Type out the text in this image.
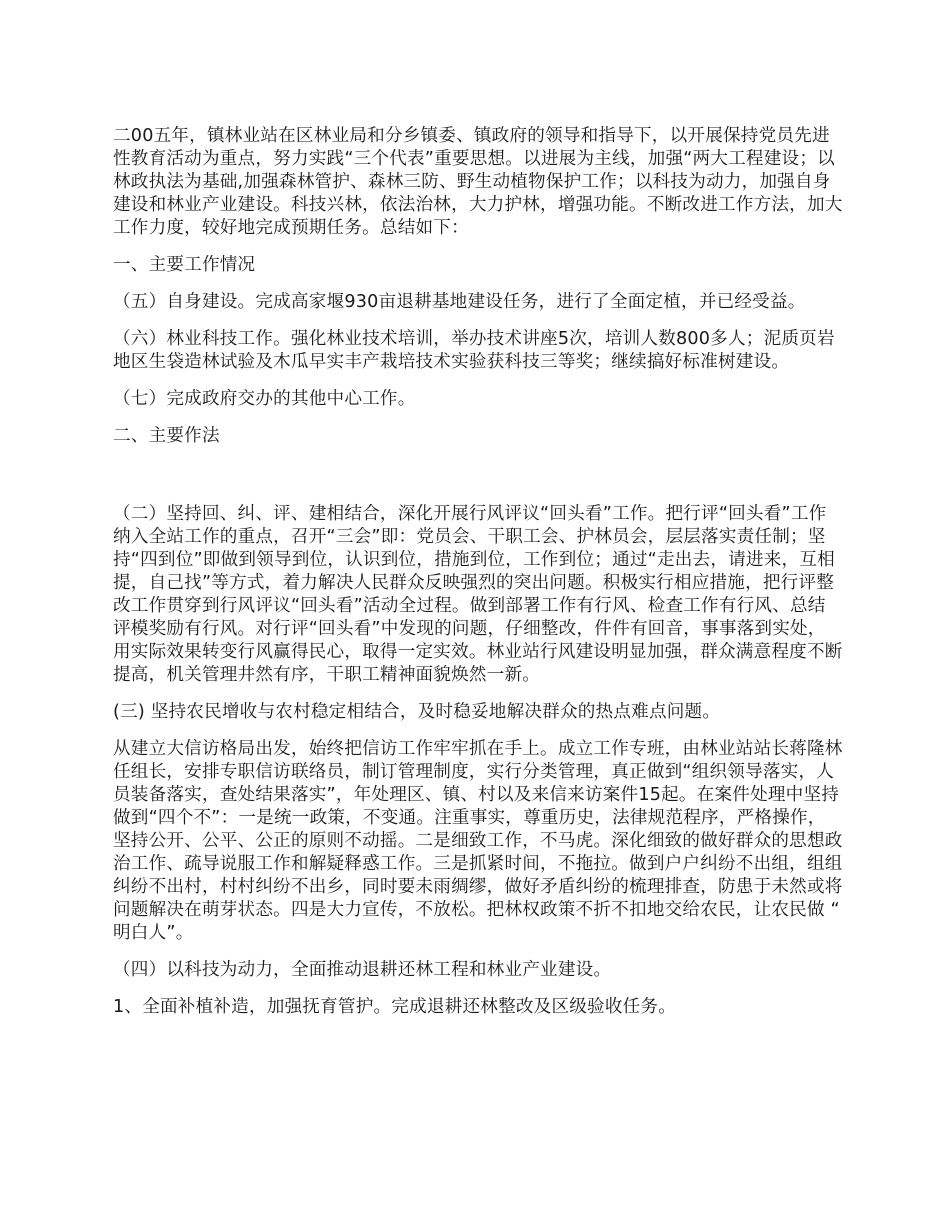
二00五年，镇林业站在区林业局和分乡镇委、镇政府的领导和指导下，以开展保持党员先进性教育活动为重点，努力实践“三个代表”重要思想。以进展为主线，加强“两大工程建设；以林政执法为基础,加强森林管护、森林三防、野生动植物保护工作；以科技为动力，加强自身建设和林业产业建设。科技兴林，依法治林，大力护林，增强功能。不断改进工作方法，加大工作力度，较好地完成预期任务。总结如下：

一、主要工作情况

（五）自身建设。完成高家堰930亩退耕基地建设任务，进行了全面定植，并已经受益。

（六）林业科技工作。强化林业技术培训，举办技术讲座5次，培训人数800多人；泥质页岩地区生袋造林试验及木瓜早实丰产栽培技术实验获科技三等奖；继续搞好标准树建设。

（七）完成政府交办的其他中心工作。

二、主要作法

（二）坚持回、纠、评、建相结合，深化开展行风评议“回头看”工作。把行评“回头看”工作纳入全站工作的重点，召开“三会”即：党员会、干职工会、护林员会，层层落实责任制；坚持“四到位”即做到领导到位，认识到位，措施到位，工作到位；通过“走出去，请进来，互相提，自己找”等方式，着力解决人民群众反映强烈的突出问题。积极实行相应措施，把行评整改工作贯穿到行风评议“回头看”活动全过程。做到部署工作有行风、检查工作有行风、总结评模奖励有行风。对行评“回头看”中发现的问题，仔细整改，件件有回音，事事落到实处，用实际效果转变行风赢得民心，取得一定实效。林业站行风建设明显加强，群众满意程度不断提高，机关管理井然有序，干职工精神面貌焕然一新。

(三) 坚持农民增收与农村稳定相结合，及时稳妥地解决群众的热点难点问题。

从建立大信访格局出发，始终把信访工作牢牢抓在手上。成立工作专班，由林业站站长蒋隆林任组长，安排专职信访联络员，制订管理制度，实行分类管理，真正做到“组织领导落实，人员装备落实，查处结果落实”，年处理区、镇、村以及来信来访案件15起。在案件处理中坚持做到“四个不”：一是统一政策，不变通。注重事实，尊重历史，法律规范程序，严格操作，坚持公开、公平、公正的原则不动摇。二是细致工作，不马虎。深化细致的做好群众的思想政治工作、疏导说服工作和解疑释惑工作。三是抓紧时间，不拖拉。做到户户纠纷不出组，组组纠纷不出村，村村纠纷不出乡，同时要未雨绸缪，做好矛盾纠纷的梳理排查，防患于未然或将问题解决在萌芽状态。四是大力宣传，不放松。把林权政策不折不扣地交给农民，让农民做 “明白人”。

（四）以科技为动力，全面推动退耕还林工程和林业产业建设。

1、全面补植补造，加强抚育管护。完成退耕还林整改及区级验收任务。
